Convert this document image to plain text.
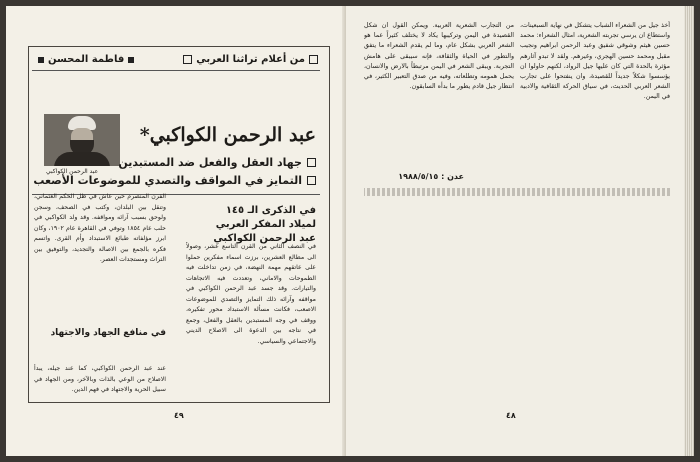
من أعلام تراثنا العربي
فاطمة المحسن
عبد الرحمن الكواكبي
عبد الرحمن الكواكبي*
جهاد العقل والفعل ضد المستبدين
التمايز في المواقف والتصدي للموضوعات الأصعب
في الذكرى الـ ١٤٥ لميلاد المفكر العربي عبد الرحمن الكواكبي
في النصف الثاني من القرن التاسع عشر، وصولاً الى مطالع العشرين، برزت اسماء مفكرين حملوا على عاتقهم مهمة النهضة، في زمن تداخلت فيه الطموحات والاماني، وتعددت فيه الاتجاهات والتيارات. وقد جسد عبد الرحمن الكواكبي في مواقفه وآرائه ذلك التمايز والتصدي للموضوعات الاصعب، فكانت مسألة الاستبداد محور تفكيره، ووقف في وجه المستبدين بالعقل والفعل، وجمع في نتاجه بين الدعوة الى الاصلاح الديني والاجتماعي والسياسي.
القرن المنصرم حين عاش في ظل الحكم العثماني، وتنقل بين البلدان، وكتب في الصحف، وسجن ولوحق بسبب آرائه ومواقفه. وقد ولد الكواكبي في حلب عام ١٨٥٤ وتوفي في القاهرة عام ١٩٠٢، وكان ابرز مؤلفاته طبائع الاستبداد وأم القرى. واتسم فكره بالجمع بين الاصالة والتجديد، والتوفيق بين التراث ومستجدات العصر.
في منافع الجهاد والاجتهاد
عند عبد الرحمن الكواكبي، كما عند جيله، يبدأ الاصلاح من الوعي بالذات وبالآخر، ومن الجهاد في سبيل الحرية والاجتهاد في فهم الدين.
٤٩
أخذ جيل من الشعراء الشباب يتشكل في نهاية السبعينات، واستطاع ان يرسي تجربته الشعرية، امثال الشعراء: محمد حسين هيثم وشوقي شفيق وعبد الرحمن ابراهيم ونجيب مقبل ومحمد حسين الهجري، وغيرهم. ولقد لا تبدو آثارهم مؤثرة بالحدة التي كان عليها جيل الرواد، لكنهم حاولوا ان يؤسسوا شكلاً جديداً للقصيدة، وان ينفتحوا على تجارب الشعر العربي الحديث، في سياق الحركة الثقافية والادبية في اليمن.
من التجارب الشعرية العربية. ويمكن القول ان شكل القصيدة في اليمن وتركيبها يكاد لا يختلف كثيراً عما هو الشعر العربي بشكل عام، وما لم يقدم الشعراء ما يتفق والتطور في الحياة والثقافة، فإنه سيبقى على هامش التجربة. ويبقى الشعر في اليمن مرتبطاً بالارض والانسان، يحمل همومه وتطلعاته، وفيه من صدق التعبير الكثير، في انتظار جيل قادم يطور ما بدأه السابقون.
عدن : ١٩٨٨/٥/١٥
٤٨
